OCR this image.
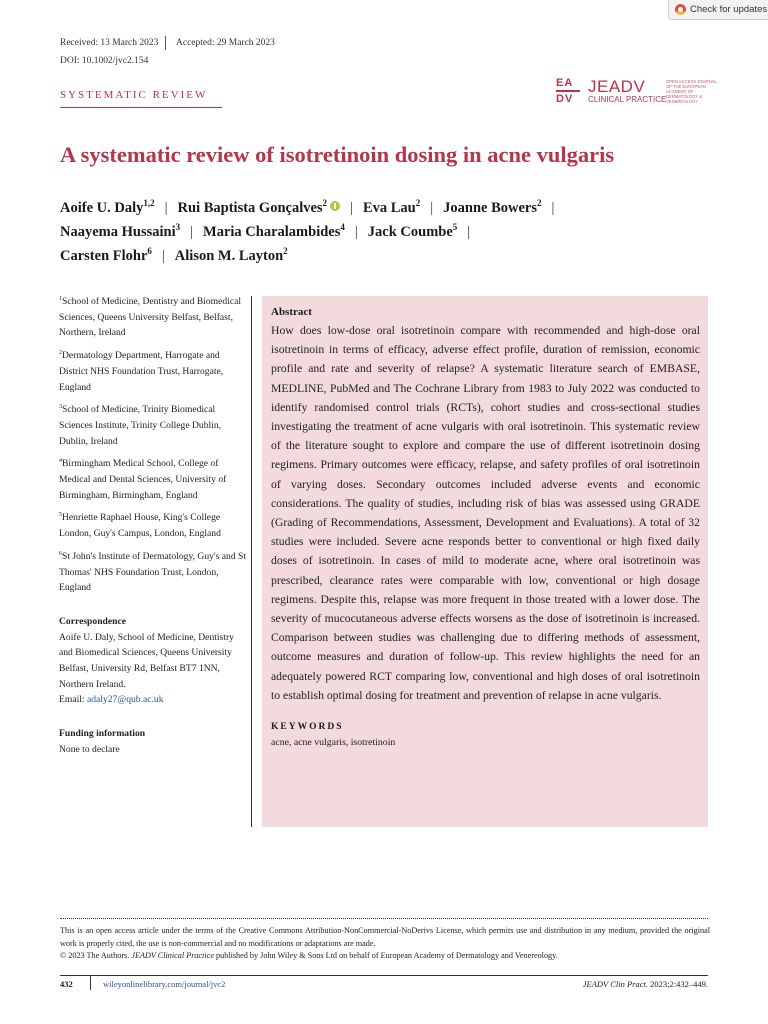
Check for updates
Received: 13 March 2023 Accepted: 29 March 2023
DOI: 10.1002/jvc2.154
SYSTEMATIC REVIEW
EA
DV
JEADV
CLINICAL PRACTICE
OPEN ACCESS JOURNAL OF THE EUROPEAN ACADEMY OF DERMATOLOGY & VENEREOLOGY
A systematic review of isotretinoin dosing in acne vulgaris
Aoife U. Daly$^{1,2}$ | Rui Baptista Gonçalves$^2$ | Eva Lau$^2$ | Joanne Bowers$^2$ |
Naayema Hussaini$^3$ | Maria Charalambides$^4$ | Jack Coumbe$^5$ |
Carsten Flohr$^6$ | Alison M. Layton$^2$

$^1$School of Medicine, Dentistry and Biomedical Sciences, Queens University Belfast, Belfast, Northern, Ireland

$^2$Dermatology Department, Harrogate and District NHS Foundation Trust, Harrogate, England

$^3$School of Medicine, Trinity Biomedical Sciences Institute, Trinity College Dublin, Dublin, Ireland

$^4$Birmingham Medical School, College of Medical and Dental Sciences, University of Birmingham, Birmingham, England

$^5$Henriette Raphael House, King's College London, Guy's Campus, London, England

$^6$St John's Institute of Dermatology, Guy's and St Thomas' NHS Foundation Trust, London, England

Correspondence

Aoife U. Daly, School of Medicine, Dentistry and Biomedical Sciences, Queens University Belfast, University Rd, Belfast BT7 1NN, Northern Ireland.
Email: adaly27@qub.ac.uk

Funding information

None to declare

Abstract

How does low-dose oral isotretinoin compare with recommended and high-dose oral isotretinoin in terms of efficacy, adverse effect profile, duration of remission, economic profile and rate and severity of relapse? A systematic literature search of EMBASE, MEDLINE, PubMed and The Cochrane Library from 1983 to July 2022 was conducted to identify randomised control trials (RCTs), cohort studies and cross-sectional studies investigating the treatment of acne vulgaris with oral isotretinoin. This systematic review of the literature sought to explore and compare the use of different isotretinoin dosing regimens. Primary outcomes were efficacy, relapse, and safety profiles of oral isotretinoin of varying doses. Secondary outcomes included adverse events and economic considerations. The quality of studies, including risk of bias was assessed using GRADE (Grading of Recommendations, Assessment, Development and Evaluations). A total of 32 studies were included. Severe acne responds better to conventional or high fixed daily doses of isotretinoin. In cases of mild to moderate acne, where oral isotretinoin was prescribed, clearance rates were comparable with low, conventional or high dosage regimens. Despite this, relapse was more frequent in those treated with a lower dose. The severity of mucocutaneous adverse effects worsens as the dose of isotretinoin is increased. Comparison between studies was challenging due to differing methods of assessment, outcome measures and duration of follow-up. This review highlights the need for an adequately powered RCT comparing low, conventional and high doses of oral isotretinoin to establish optimal dosing for treatment and prevention of relapse in acne vulgaris.

KEYWORDS

acne, acne vulgaris, isotretinoin

This is an open access article under the terms of the Creative Commons Attribution-NonCommercial-NoDerivs License, which permits use and distribution in any medium, provided the original work is properly cited, the use is non-commercial and no modifications or adaptations are made.

© 2023 The Authors. JEADV Clinical Practice published by John Wiley & Sons Ltd on behalf of European Academy of Dermatology and Venereology.

432	wileyonlinelibrary.com/journal/jvc2	JEADV Clin Pract. 2023;2:432–449.
